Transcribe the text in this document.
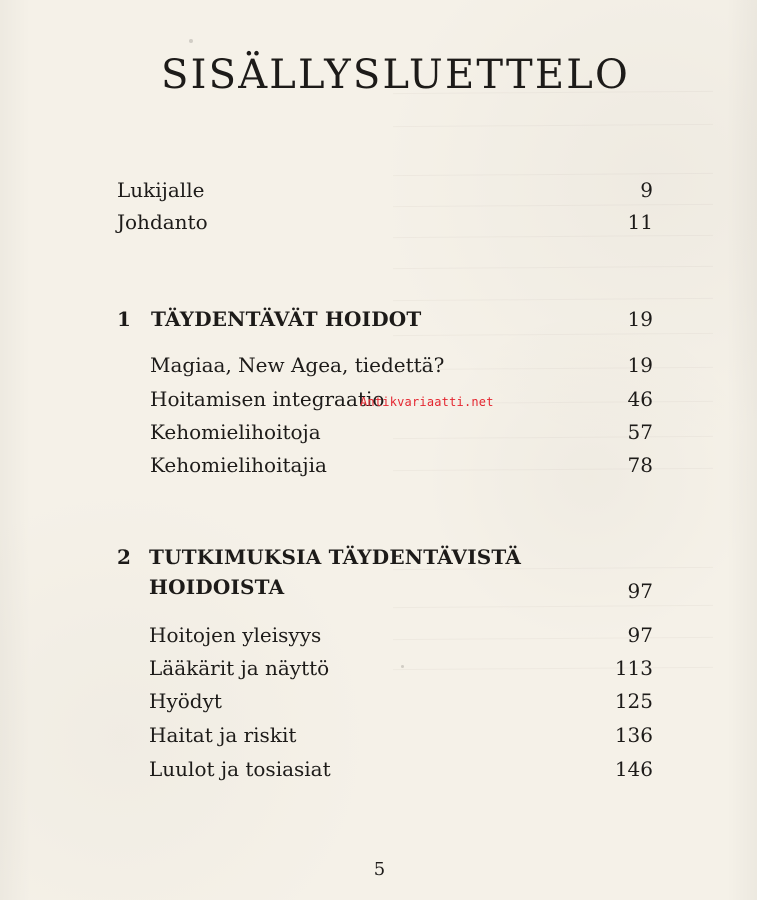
SISÄLLYSLUETTELO
Lukijalle	9
Johdanto	11
1 TÄYDENTÄVÄT HOIDOT	19
Magiaa, New Agea, tiedettä?	19
Hoitamisen integraatio	46
Kehomielihoitoja	57
Kehomielihoitajia	78
2 TUTKIMUKSIA TÄYDENTÄVISTÄ
HOIDOISTA	97
Hoitojen yleisyys	97
Lääkärit ja näyttö	113
Hyödyt	125
Haitat ja riskit	136
Luulot ja tosiasiat	146
Antikvariaatti.net
5
